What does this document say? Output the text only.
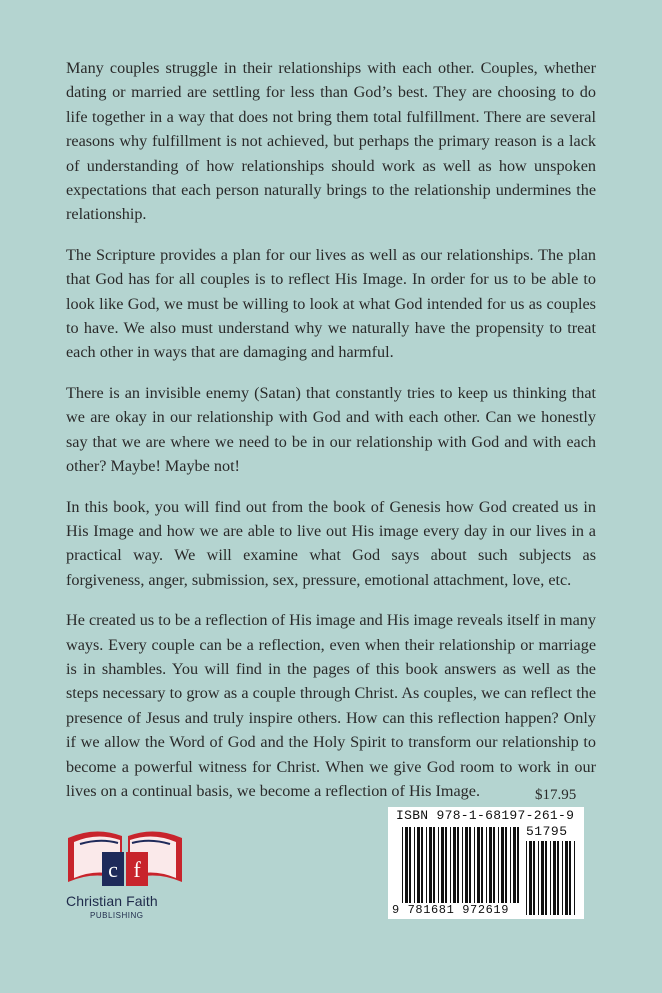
Many couples struggle in their relationships with each other. Couples, whether dating or married are settling for less than God’s best. They are choosing to do life together in a way that does not bring them total fulfillment. There are several reasons why fulfillment is not achieved, but perhaps the primary reason is a lack of understanding of how relationships should work as well as how unspoken expectations that each person naturally brings to the relationship undermines the relationship.

The Scripture provides a plan for our lives as well as our relationships. The plan that God has for all couples is to reflect His Image. In order for us to be able to look like God, we must be willing to look at what God intended for us as couples to have. We also must understand why we naturally have the propensity to treat each other in ways that are damaging and harmful.

There is an invisible enemy (Satan) that constantly tries to keep us thinking that we are okay in our relationship with God and with each other. Can we honestly say that we are where we need to be in our relationship with God and with each other? Maybe! Maybe not!

In this book, you will find out from the book of Genesis how God created us in His Image and how we are able to live out His image every day in our lives in a practical way. We will examine what God says about such subjects as forgiveness, anger, submission, sex, pressure, emotional attachment, love, etc.

He created us to be a reflection of His image and His image reveals itself in many ways. Every couple can be a reflection, even when their relationship or marriage is in shambles. You will find in the pages of this book answers as well as the steps necessary to grow as a couple through Christ. As couples, we can reflect the presence of Jesus and truly inspire others. How can this reflection happen? Only if we allow the Word of God and the Holy Spirit to transform our relationship to become a powerful witness for Christ. When we give God room to work in our lives on a continual basis, we become a reflection of His Image.	$17.95
c f
Christian Faith
PUBLISHING
ISBN 978-1-68197-261-9
51795
9 781681 972619
